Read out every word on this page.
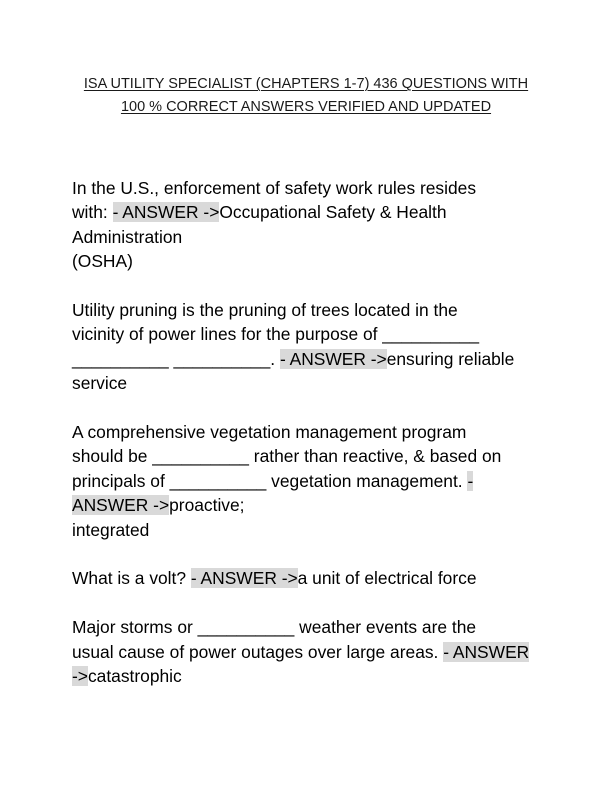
ISA UTILITY SPECIALIST (CHAPTERS 1-7) 436 QUESTIONS WITH
100 % CORRECT ANSWERS VERIFIED AND UPDATED
In the U.S., enforcement of safety work rules resides
with: - ANSWER ->Occupational Safety & Health
Administration
(OSHA)
Utility pruning is the pruning of trees located in the
vicinity of power lines for the purpose of __________
__________ __________. - ANSWER ->ensuring reliable
service
A comprehensive vegetation management program
should be __________ rather than reactive, & based on
principals of __________ vegetation management. -
ANSWER ->proactive;
integrated
What is a volt? - ANSWER ->a unit of electrical force
Major storms or __________ weather events are the
usual cause of power outages over large areas. - ANSWER
->catastrophic
